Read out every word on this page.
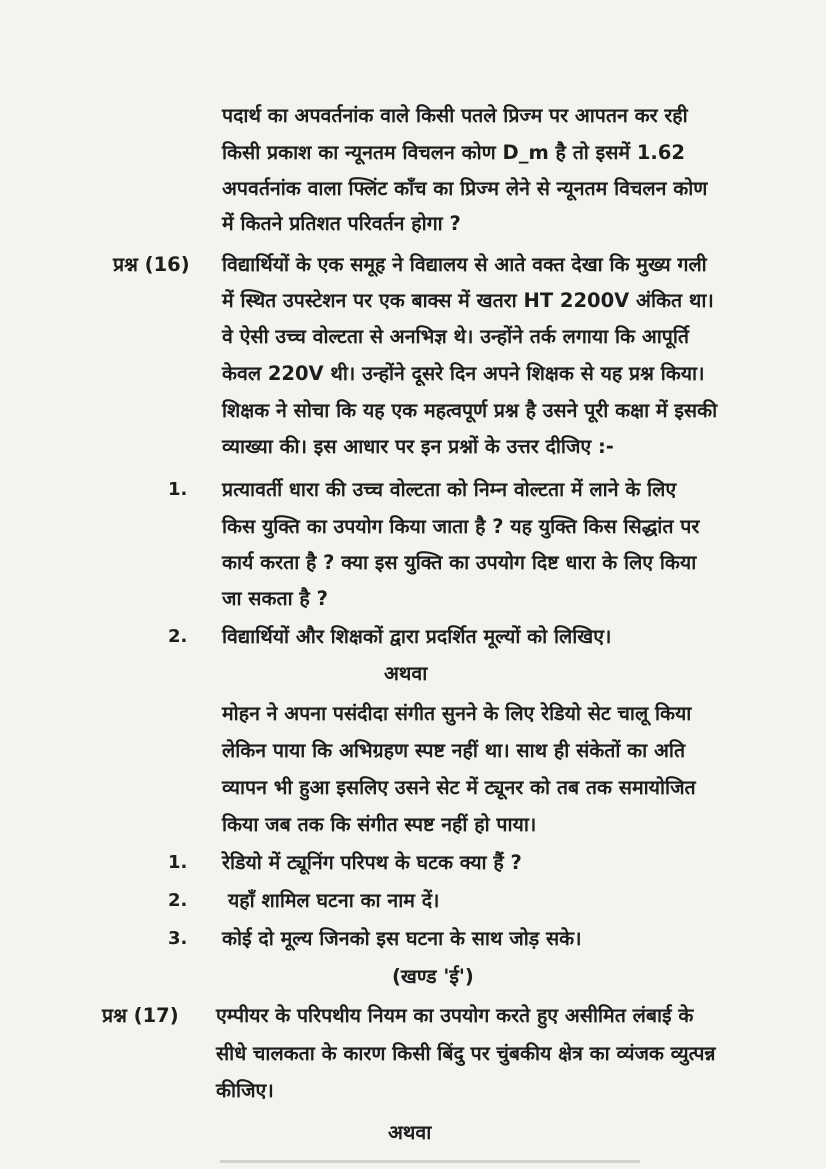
पदार्थ का अपवर्तनांक वाले किसी पतले प्रिज्म पर आपतन कर रही
किसी प्रकाश का न्यूनतम विचलन कोण D_m है तो इसमें 1.62
अपवर्तनांक वाला फ्लिंट काँच का प्रिज्म लेने से न्यूनतम विचलन कोण
में कितने प्रतिशत परिवर्तन होगा ?
प्रश्न (16) विद्यार्थियों के एक समूह ने विद्यालय से आते वक्त देखा कि मुख्य गली
में स्थित उपस्टेशन पर एक बाक्स में खतरा HT 2200V अंकित था।
वे ऐसी उच्च वोल्टता से अनभिज्ञ थे। उन्होंने तर्क लगाया कि आपूर्ति
केवल 220V थी। उन्होंने दूसरे दिन अपने शिक्षक से यह प्रश्न किया।
शिक्षक ने सोचा कि यह एक महत्वपूर्ण प्रश्न है उसने पूरी कक्षा में इसकी
व्याख्या की। इस आधार पर इन प्रश्नों के उत्तर दीजिए :-
1. प्रत्यावर्ती धारा की उच्च वोल्टता को निम्न वोल्टता में लाने के लिए
किस युक्ति का उपयोग किया जाता है ? यह युक्ति किस सिद्धांत पर
कार्य करता है ? क्या इस युक्ति का उपयोग दिष्ट धारा के लिए किया
जा सकता है ?
2. विद्यार्थियों और शिक्षकों द्वारा प्रदर्शित मूल्यों को लिखिए।
अथवा
मोहन ने अपना पसंदीदा संगीत सुनने के लिए रेडियो सेट चालू किया
लेकिन पाया कि अभिग्रहण स्पष्ट नहीं था। साथ ही संकेतों का अति
व्यापन भी हुआ इसलिए उसने सेट में ट्यूनर को तब तक समायोजित
किया जब तक कि संगीत स्पष्ट नहीं हो पाया।
1. रेडियो में ट्यूनिंग परिपथ के घटक क्या हैं ?
2. यहाँ शामिल घटना का नाम दें।
3. कोई दो मूल्य जिनको इस घटना के साथ जोड़ सके।
(खण्ड 'ई')
प्रश्न (17) एम्पीयर के परिपथीय नियम का उपयोग करते हुए असीमित लंबाई के
सीधे चालकता के कारण किसी बिंदु पर चुंबकीय क्षेत्र का व्यंजक व्युत्पन्न
कीजिए।
अथवा
